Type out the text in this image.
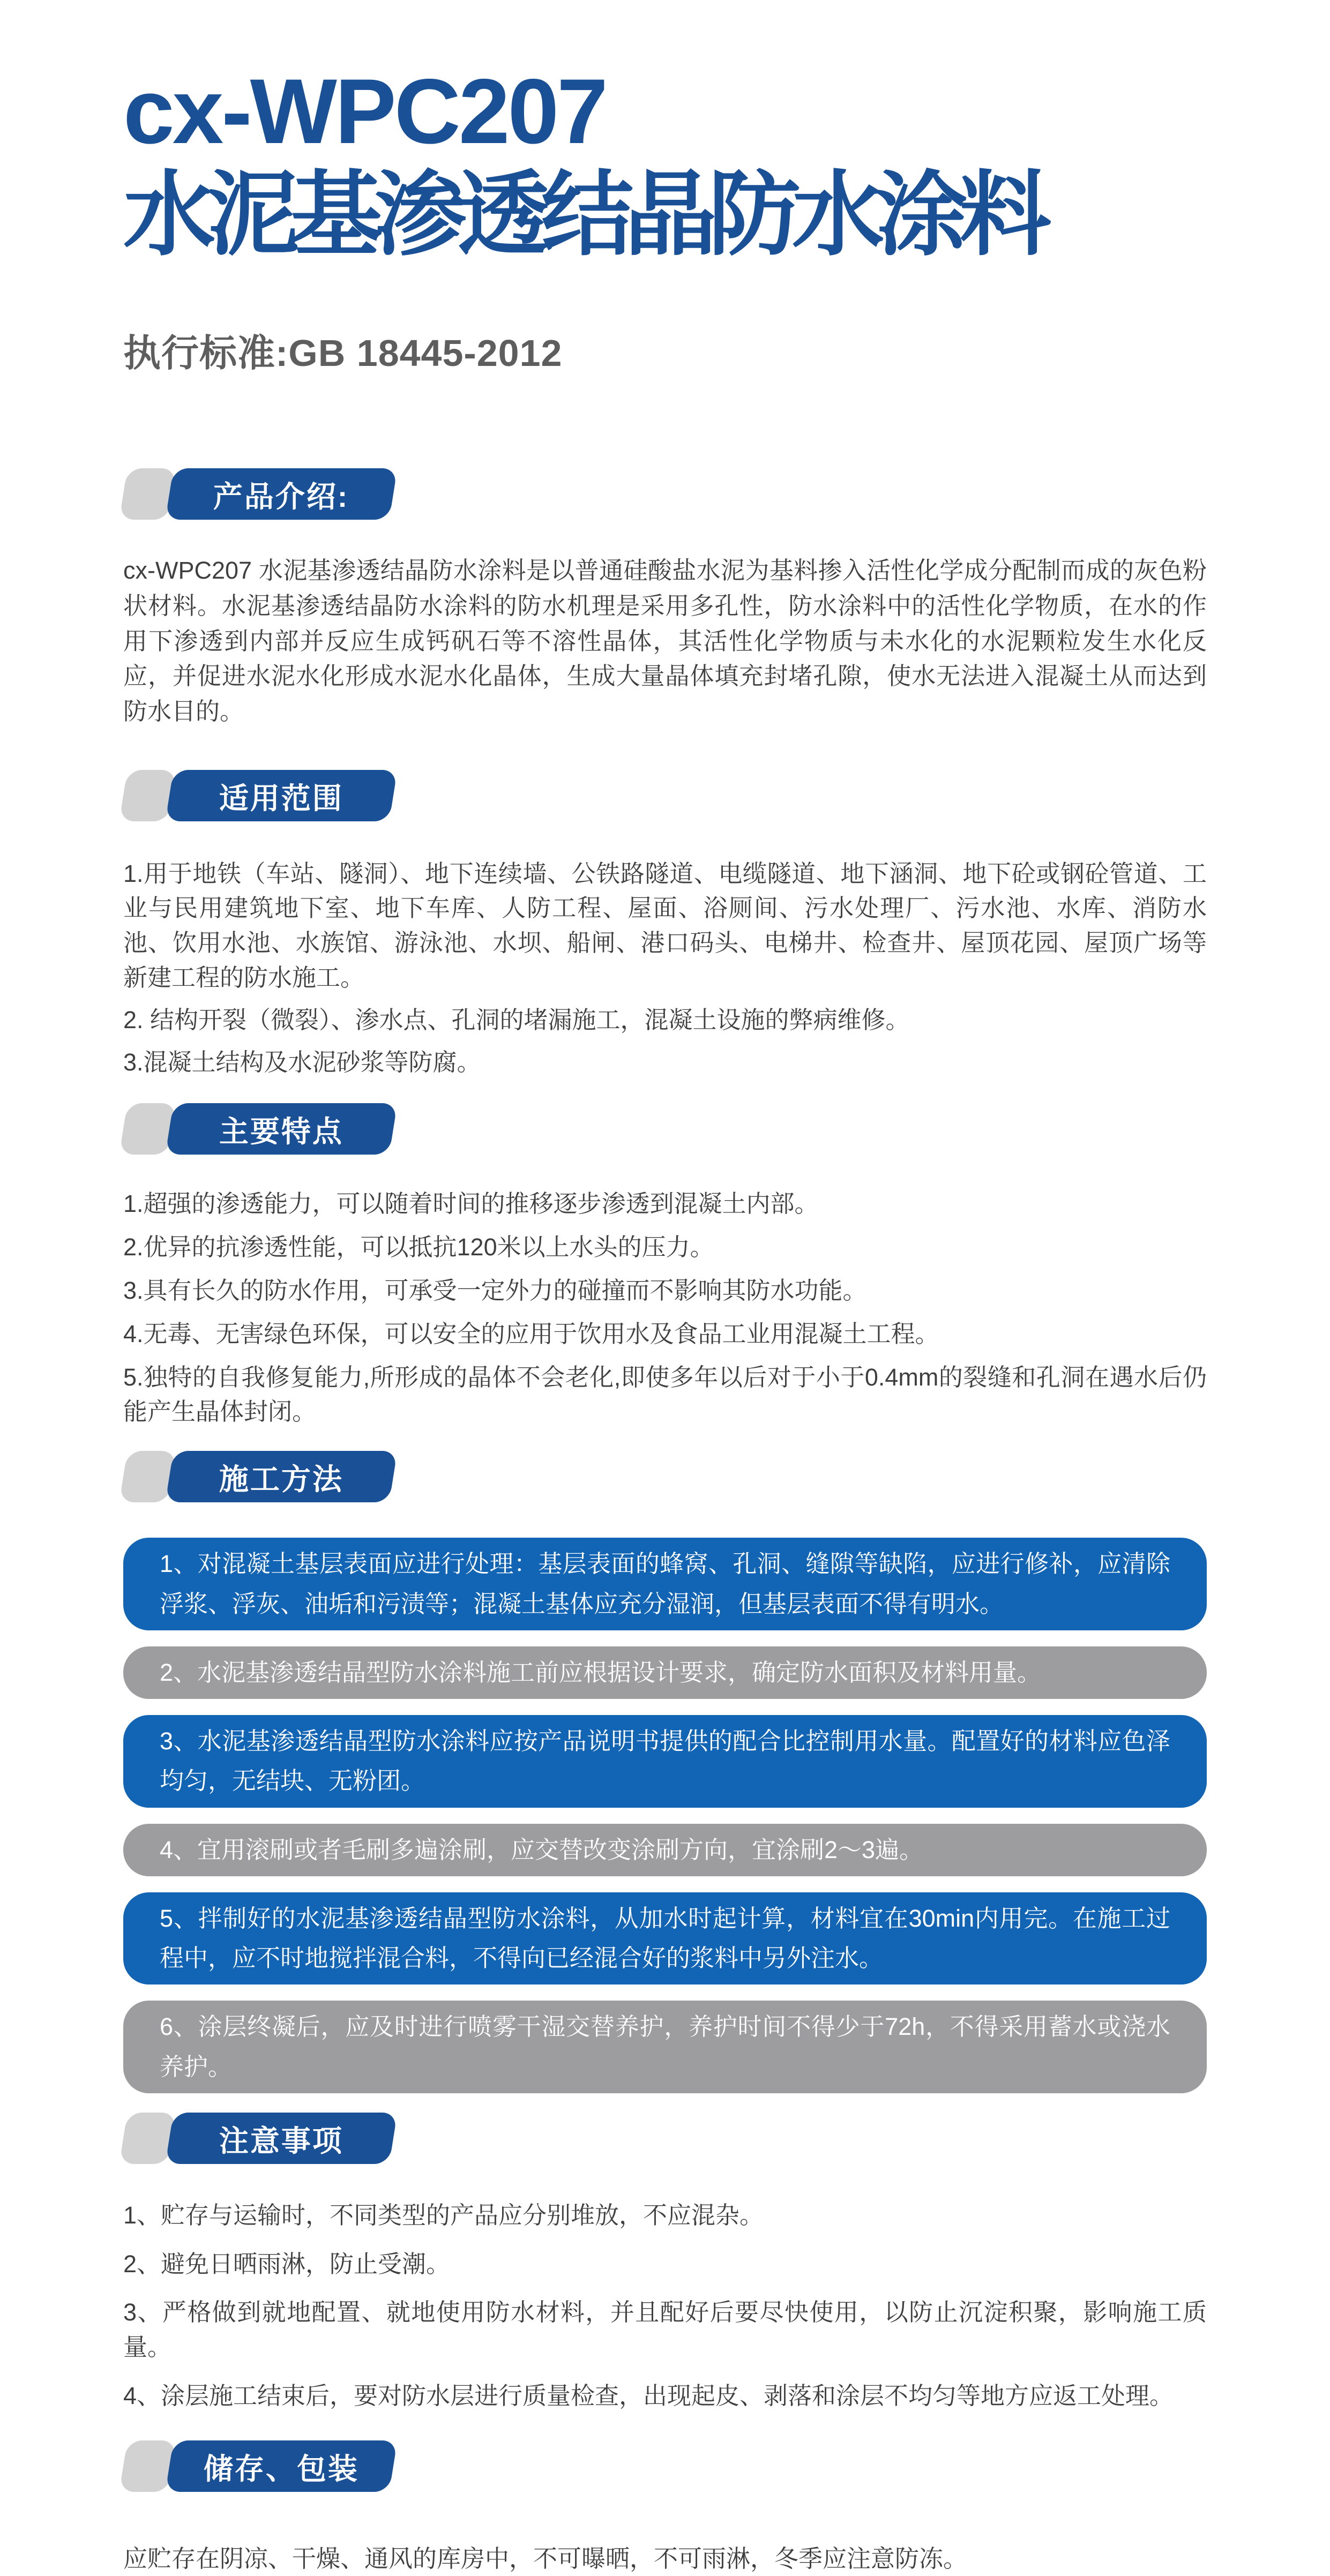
cx-WPC207
水泥基渗透结晶防水涂料
执行标准:GB 18445-2012
产品介绍:

cx-WPC207 水泥基渗透结晶防水涂料是以普通硅酸盐水泥为基料掺入活性化学成分配制而成的灰色粉状材料。水泥基渗透结晶防水涂料的防水机理是采用多孔性，防水涂料中的活性化学物质，在水的作用下渗透到内部并反应生成钙矾石等不溶性晶体，其活性化学物质与未水化的水泥颗粒发生水化反应，并促进水泥水化形成水泥水化晶体，生成大量晶体填充封堵孔隙，使水无法进入混凝土从而达到防水目的。

适用范围
1.用于地铁（车站、隧洞）、地下连续墙、公铁路隧道、电缆隧道、地下涵洞、地下砼或钢砼管道、工业与民用建筑地下室、地下车库、人防工程、屋面、浴厕间、污水处理厂、污水池、水库、消防水池、饮用水池、水族馆、游泳池、水坝、船闸、港口码头、电梯井、检查井、屋顶花园、屋顶广场等新建工程的防水施工。
2. 结构开裂（微裂）、渗水点、孔洞的堵漏施工，混凝土设施的弊病维修。
3.混凝土结构及水泥砂浆等防腐。
主要特点
1.超强的渗透能力，可以随着时间的推移逐步渗透到混凝土内部。
2.优异的抗渗透性能，可以抵抗120米以上水头的压力。
3.具有长久的防水作用，可承受一定外力的碰撞而不影响其防水功能。
4.无毒、无害绿色环保，可以安全的应用于饮用水及食品工业用混凝土工程。
5.独特的自我修复能力,所形成的晶体不会老化,即使多年以后对于小于0.4mm的裂缝和孔洞在遇水后仍能产生晶体封闭。
施工方法
1、对混凝土基层表面应进行处理：基层表面的蜂窝、孔洞、缝隙等缺陷，应进行修补，应清除浮浆、浮灰、油垢和污渍等；混凝土基体应充分湿润，但基层表面不得有明水。
2、水泥基渗透结晶型防水涂料施工前应根据设计要求，确定防水面积及材料用量。
3、水泥基渗透结晶型防水涂料应按产品说明书提供的配合比控制用水量。配置好的材料应色泽均匀，无结块、无粉团。
4、宜用滚刷或者毛刷多遍涂刷，应交替改变涂刷方向，宜涂刷2～3遍。
5、拌制好的水泥基渗透结晶型防水涂料，从加水时起计算，材料宜在30min内用完。在施工过程中，应不时地搅拌混合料，不得向已经混合好的浆料中另外注水。
6、涂层终凝后，应及时进行喷雾干湿交替养护，养护时间不得少于72h，不得采用蓄水或浇水养护。
注意事项
1、贮存与运输时，不同类型的产品应分别堆放，不应混杂。
2、避免日晒雨淋，防止受潮。
3、严格做到就地配置、就地使用防水材料，并且配好后要尽快使用，以防止沉淀积聚，影响施工质量。
4、涂层施工结束后，要对防水层进行质量检查，出现起皮、剥落和涂层不均匀等地方应返工处理。
储存、包装

应贮存在阴凉、干燥、通风的库房中，不可曝晒，不可雨淋，冬季应注意防冻。
